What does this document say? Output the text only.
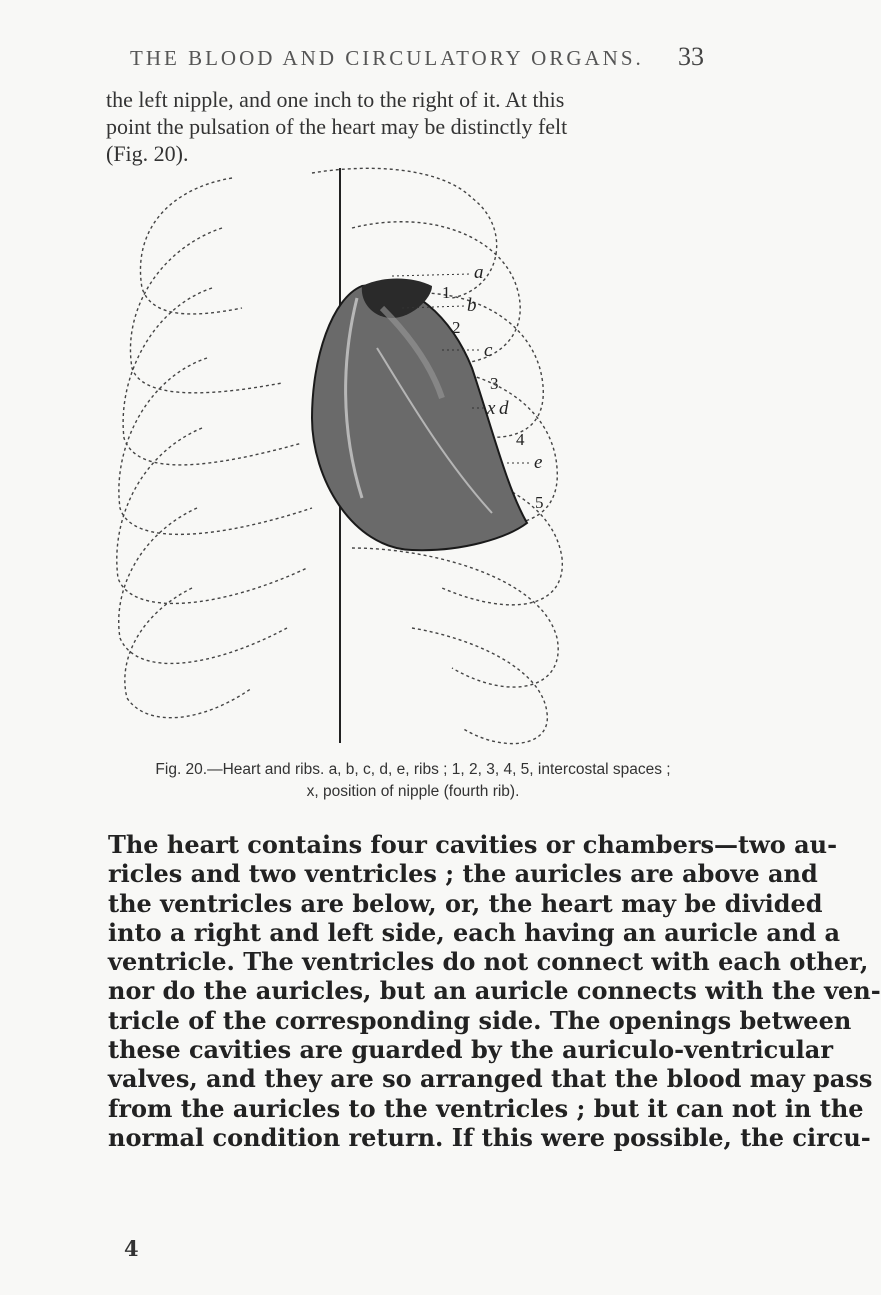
THE BLOOD AND CIRCULATORY ORGANS. 33
the left nipple, and one inch to the right of it. At this
point the pulsation of the heart may be distinctly felt
(Fig. 20).
a
b
c
d
e
1
2
3
4
5
x
Fig. 20.—Heart and ribs. a, b, c, d, e, ribs ; 1, 2, 3, 4, 5, intercostal spaces ;
x, position of nipple (fourth rib).
The heart contains four cavities or chambers—two au-
ricles and two ventricles ; the auricles are above and
the ventricles are below, or, the heart may be divided
into a right and left side, each having an auricle and a
ventricle. The ventricles do not connect with each other,
nor do the auricles, but an auricle connects with the ven-
tricle of the corresponding side. The openings between
these cavities are guarded by the auriculo-ventricular
valves, and they are so arranged that the blood may pass
from the auricles to the ventricles ; but it can not in the
normal condition return. If this were possible, the circu-
4
